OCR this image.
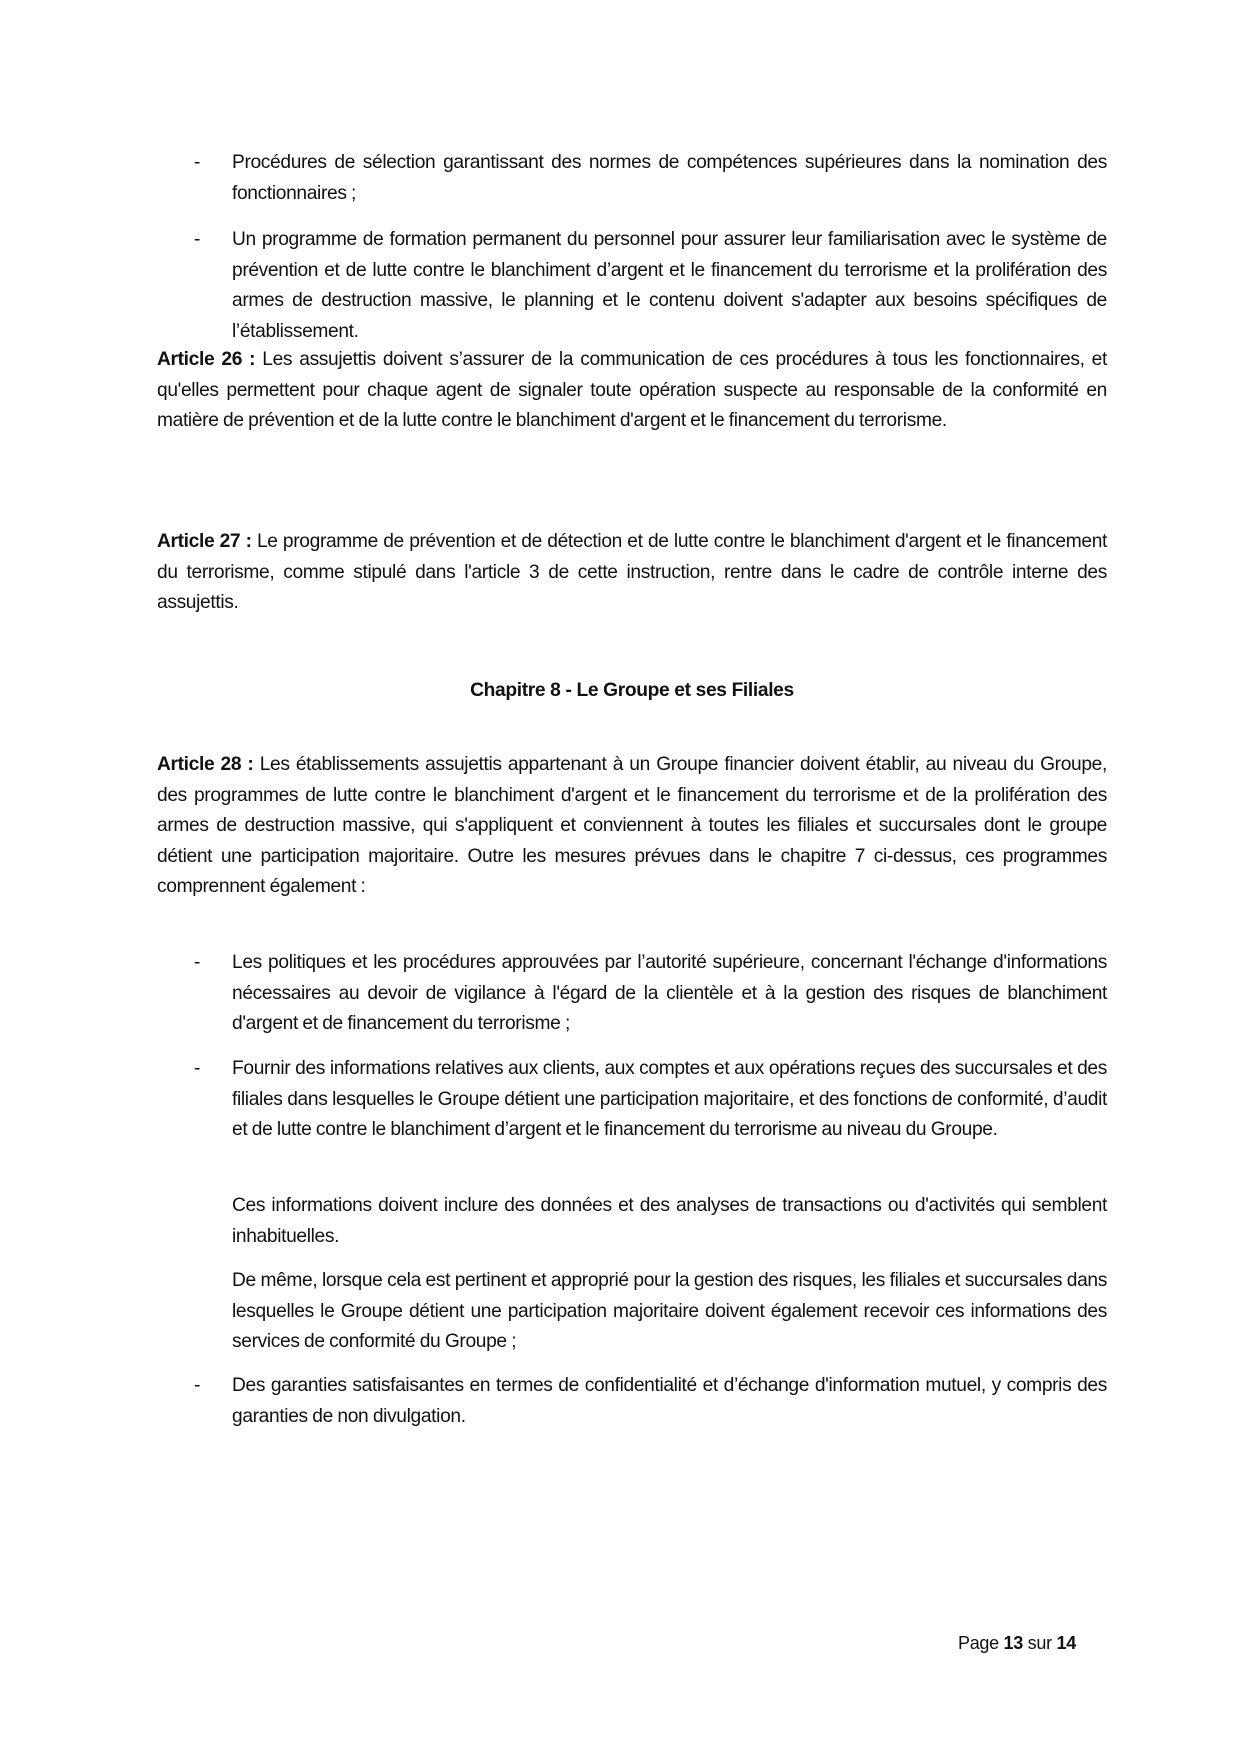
- Procédures de sélection garantissant des normes de compétences supérieures dans la nomination des fonctionnaires ;
- Un programme de formation permanent du personnel pour assurer leur familiarisation avec le système de prévention et de lutte contre le blanchiment d’argent et le financement du terrorisme et la prolifération des armes de destruction massive, le planning et le contenu doivent s'adapter aux besoins spécifiques de l’établissement.

Article 26 : Les assujettis doivent s’assurer de la communication de ces procédures à tous les fonctionnaires, et qu'elles permettent pour chaque agent de signaler toute opération suspecte au responsable de la conformité en matière de prévention et de la lutte contre le blanchiment d'argent et le financement du terrorisme.

Article 27 : Le programme de prévention et de détection et de lutte contre le blanchiment d'argent et le financement du terrorisme, comme stipulé dans l'article 3 de cette instruction, rentre dans le cadre de contrôle interne des assujettis.

Chapitre 8 - Le Groupe et ses Filiales

Article 28 : Les établissements assujettis appartenant à un Groupe financier doivent établir, au niveau du Groupe, des programmes de lutte contre le blanchiment d'argent et le financement du terrorisme et de la prolifération des armes de destruction massive, qui s'appliquent et conviennent à toutes les filiales et succursales dont le groupe détient une participation majoritaire. Outre les mesures prévues dans le chapitre 7 ci-dessus, ces programmes comprennent également :

- Les politiques et les procédures approuvées par l’autorité supérieure, concernant l'échange d'informations nécessaires au devoir de vigilance à l'égard de la clientèle et à la gestion des risques de blanchiment d'argent et de financement du terrorisme ;
- Fournir des informations relatives aux clients, aux comptes et aux opérations reçues des succursales et des filiales dans lesquelles le Groupe détient une participation majoritaire, et des fonctions de conformité, d’audit et de lutte contre le blanchiment d’argent et le financement du terrorisme au niveau du Groupe.

Ces informations doivent inclure des données et des analyses de transactions ou d'activités qui semblent inhabituelles.

De même, lorsque cela est pertinent et approprié pour la gestion des risques, les filiales et succursales dans lesquelles le Groupe détient une participation majoritaire doivent également recevoir ces informations des services de conformité du Groupe ;

- Des garanties satisfaisantes en termes de confidentialité et d’échange d'information mutuel, y compris des garanties de non divulgation.
Page 13 sur 14
